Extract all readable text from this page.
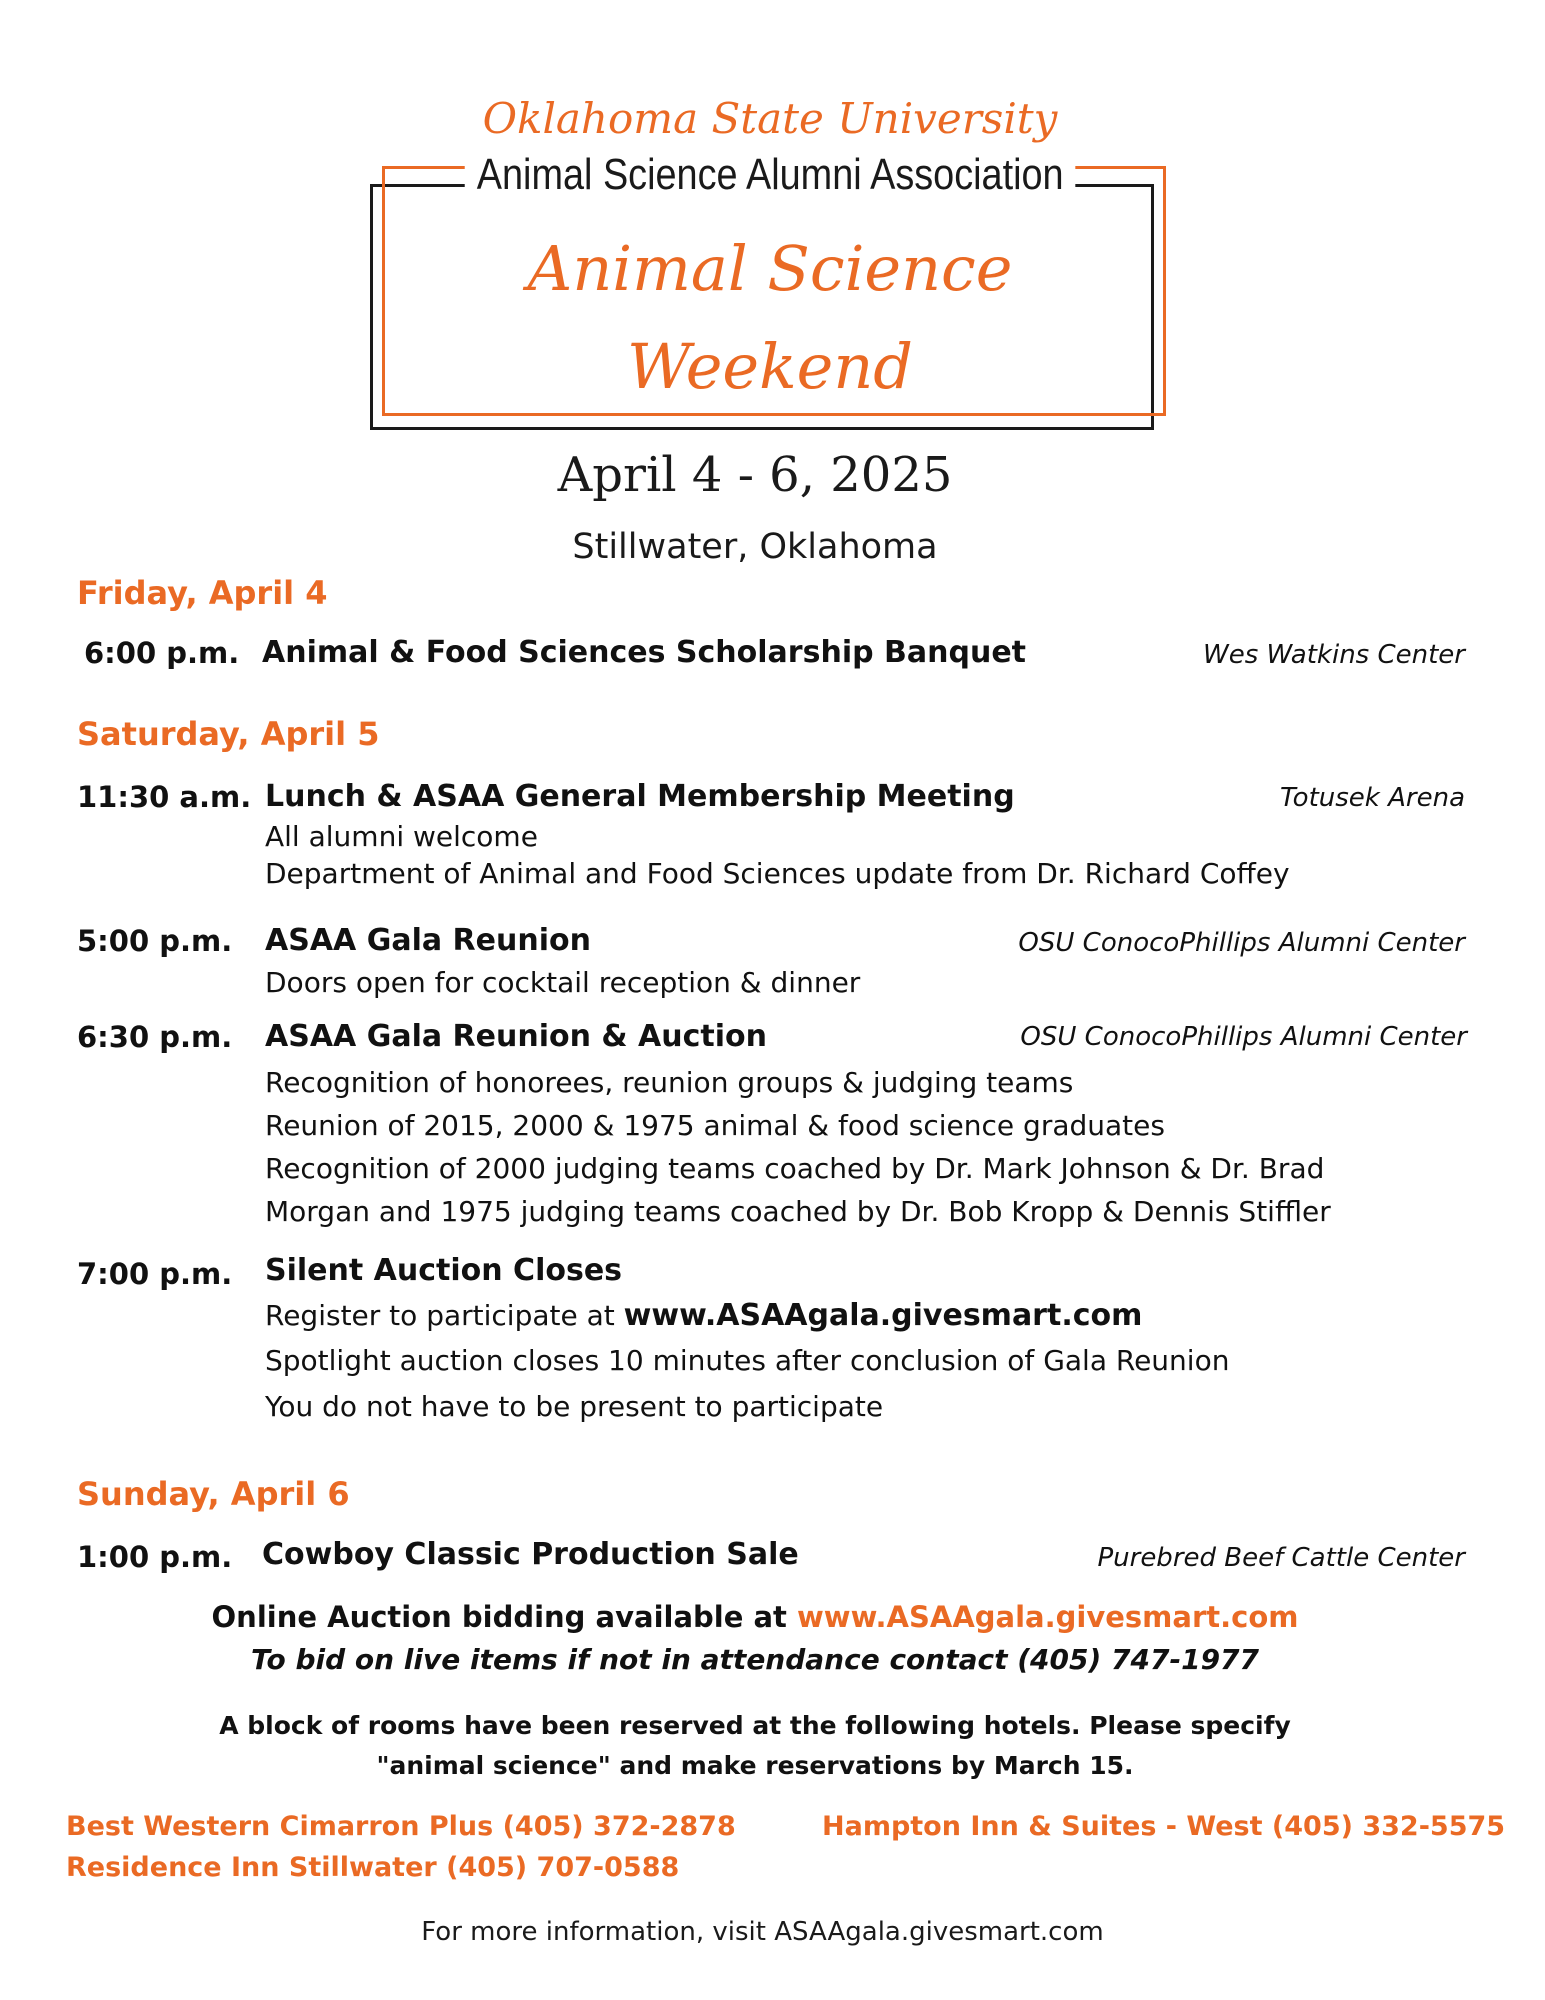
Oklahoma State University
Animal Science Alumni Association
Animal Science
Weekend
April 4 - 6, 2025
Stillwater, Oklahoma
Friday, April 4
6:00 p.m. Animal & Food Sciences Scholarship Banquet	Wes Watkins Center
Saturday, April 5
11:30 a.m. Lunch & ASAA General Membership Meeting	Totusek Arena
All alumni welcome
Department of Animal and Food Sciences update from Dr. Richard Coffey
5:00 p.m. ASAA Gala Reunion	OSU ConocoPhillips Alumni Center
Doors open for cocktail reception & dinner
6:30 p.m. ASAA Gala Reunion & Auction	OSU ConocoPhillips Alumni Center
Recognition of honorees, reunion groups & judging teams
Reunion of 2015, 2000 & 1975 animal & food science graduates
Recognition of 2000 judging teams coached by Dr. Mark Johnson & Dr. Brad
Morgan and 1975 judging teams coached by Dr. Bob Kropp & Dennis Stiffler
7:00 p.m. Silent Auction Closes
Register to participate at www.ASAAgala.givesmart.com
Spotlight auction closes 10 minutes after conclusion of Gala Reunion
You do not have to be present to participate
Sunday, April 6
1:00 p.m. Cowboy Classic Production Sale	Purebred Beef Cattle Center
Online Auction bidding available at www.ASAAgala.givesmart.com
To bid on live items if not in attendance contact (405) 747-1977
A block of rooms have been reserved at the following hotels. Please specify
"animal science" and make reservations by March 15.
Best Western Cimarron Plus (405) 372-2878	Hampton Inn & Suites - West (405) 332-5575
Residence Inn Stillwater (405) 707-0588
For more information, visit ASAAgala.givesmart.com
